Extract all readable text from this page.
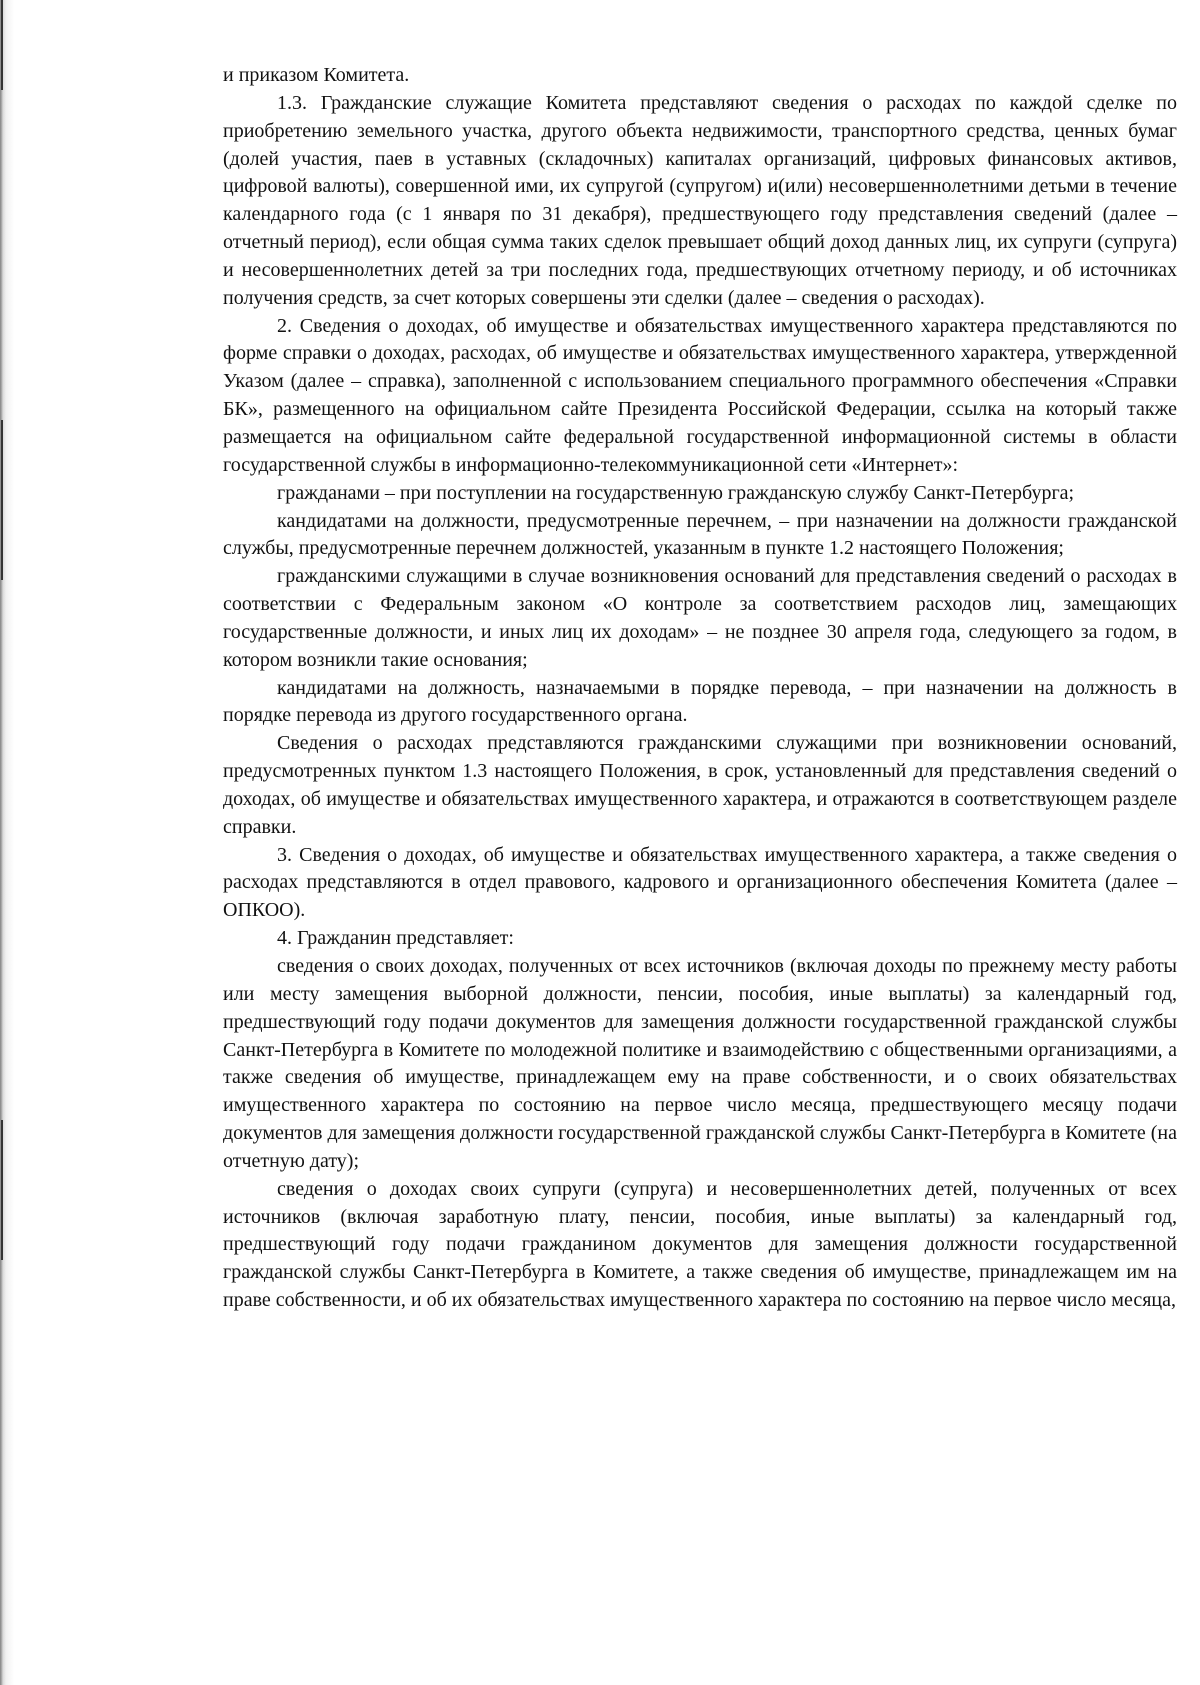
и приказом Комитета.

1.3. Гражданские служащие Комитета представляют сведения о расходах по каждой сделке по приобретению земельного участка, другого объекта недвижимости, транспортного средства, ценных бумаг (долей участия, паев в уставных (складочных) капиталах организаций, цифровых финансовых активов, цифровой валюты), совершенной ими, их супругой (супругом) и(или) несовершеннолетними детьми в течение календарного года (с 1 января по 31 декабря), предшествующего году представления сведений (далее – отчетный период), если общая сумма таких сделок превышает общий доход данных лиц, их супруги (супруга) и несовершеннолетних детей за три последних года, предшествующих отчетному периоду, и об источниках получения средств, за счет которых совершены эти сделки (далее – сведения о расходах).

2. Сведения о доходах, об имуществе и обязательствах имущественного характера представляются по форме справки о доходах, расходах, об имуществе и обязательствах имущественного характера, утвержденной Указом (далее – справка), заполненной с использованием специального программного обеспечения «Справки БК», размещенного на официальном сайте Президента Российской Федерации, ссылка на который также размещается на официальном сайте федеральной государственной информационной системы в области государственной службы в информационно-телекоммуникационной сети «Интернет»:

гражданами – при поступлении на государственную гражданскую службу Санкт-Петербурга;

кандидатами на должности, предусмотренные перечнем, – при назначении на должности гражданской службы, предусмотренные перечнем должностей, указанным в пункте 1.2 настоящего Положения;

гражданскими служащими в случае возникновения оснований для представления сведений о расходах в соответствии с Федеральным законом «О контроле за соответствием расходов лиц, замещающих государственные должности, и иных лиц их доходам» – не позднее 30 апреля года, следующего за годом, в котором возникли такие основания;

кандидатами на должность, назначаемыми в порядке перевода, – при назначении на должность в порядке перевода из другого государственного органа.

Сведения о расходах представляются гражданскими служащими при возникновении оснований, предусмотренных пунктом 1.3 настоящего Положения, в срок, установленный для представления сведений о доходах, об имуществе и обязательствах имущественного характера, и отражаются в соответствующем разделе справки.

3. Сведения о доходах, об имуществе и обязательствах имущественного характера, а также сведения о расходах представляются в отдел правового, кадрового и организационного обеспечения Комитета (далее – ОПКОО).

4. Гражданин представляет:

сведения о своих доходах, полученных от всех источников (включая доходы по прежнему месту работы или месту замещения выборной должности, пенсии, пособия, иные выплаты) за календарный год, предшествующий году подачи документов для замещения должности государственной гражданской службы Санкт-Петербурга в Комитете по молодежной политике и взаимодействию с общественными организациями, а также сведения об имуществе, принадлежащем ему на праве собственности, и о своих обязательствах имущественного характера по состоянию на первое число месяца, предшествующего месяцу подачи документов для замещения должности государственной гражданской службы Санкт-Петербурга в Комитете (на отчетную дату);

сведения о доходах своих супруги (супруга) и несовершеннолетних детей, полученных от всех источников (включая заработную плату, пенсии, пособия, иные выплаты) за календарный год, предшествующий году подачи гражданином документов для замещения должности государственной гражданской службы Санкт-Петербурга в Комитете, а также сведения об имуществе, принадлежащем им на праве собственности, и об их обязательствах имущественного характера по состоянию на первое число месяца,
